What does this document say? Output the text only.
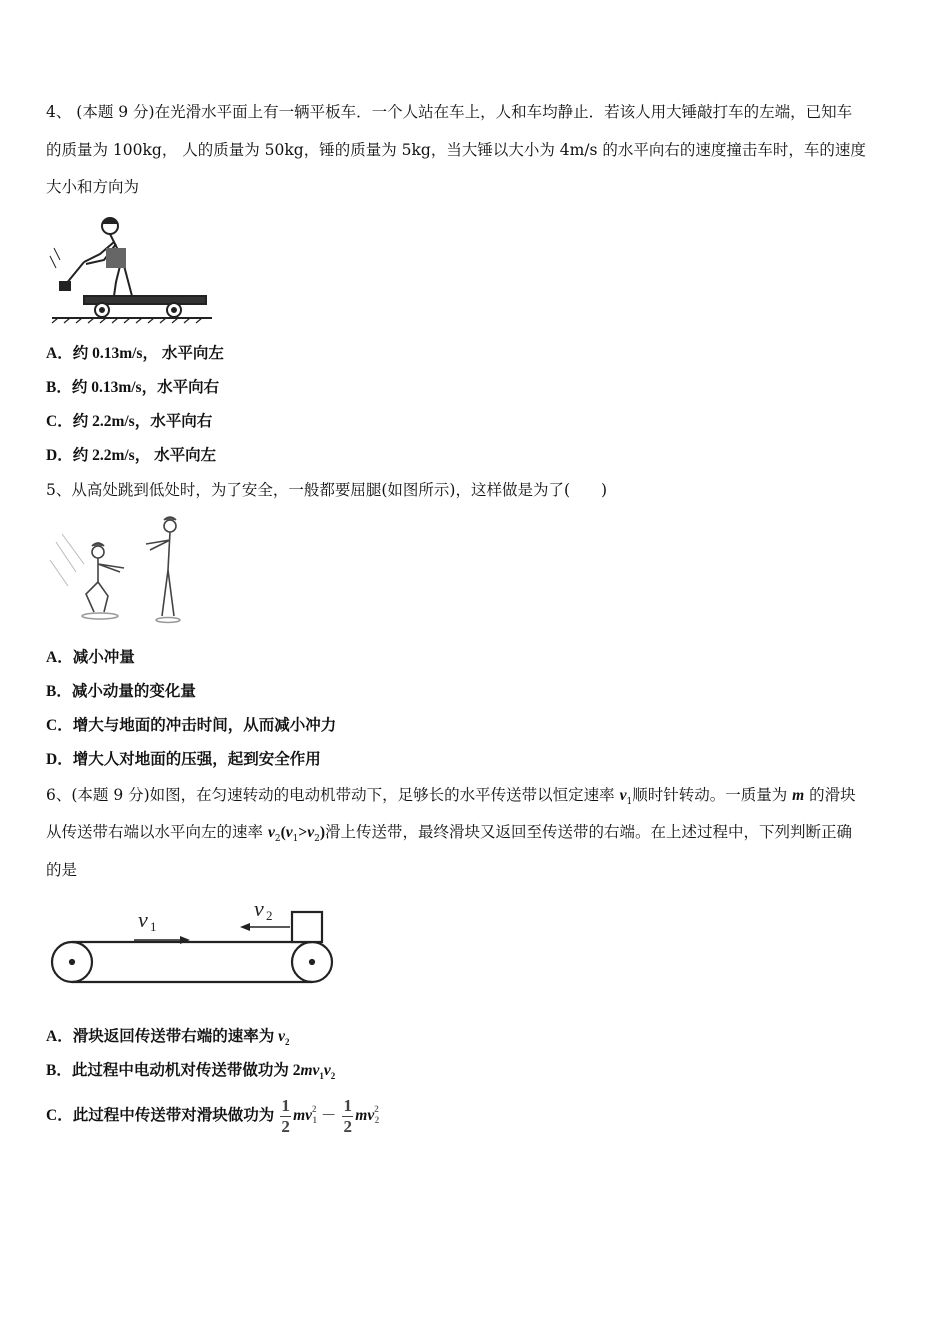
4、 (本题 9 分)在光滑水平面上有一辆平板车．一个人站在车上，人和车均静止．若该人用大锤敲打车的左端，已知车
的质量为 100kg， 人的质量为 50kg，锤的质量为 5kg，当大锤以大小为 4m/s 的水平向右的速度撞击车时，车的速度
大小和方向为
A．约 0.13m/s， 水平向左
B．约 0.13m/s，水平向右
C．约 2.2m/s，水平向右
D．约 2.2m/s， 水平向左
5、从高处跳到低处时，为了安全，一般都要屈腿(如图所示)，这样做是为了(　　)
A．减小冲量
B．减小动量的变化量
C．增大与地面的冲击时间，从而减小冲力
D．增大人对地面的压强，起到安全作用
6、(本题 9 分)如图，在匀速转动的电动机带动下，足够长的水平传送带以恒定速率 $v_1$顺时针转动。一质量为 m 的滑块
从传送带右端以水平向左的速率 $v_2(v_1>v_2)$滑上传送带，最终滑块又返回至传送带的右端。在上述过程中，下列判断正确
的是
v 1
v 2
A．滑块返回传送带右端的速率为 $v_2$
B．此过程中电动机对传送带做功为 $2mv_1v_2$
C．此过程中传送带对滑块做功为 $\frac{1}{2} mv^21 - \frac{1}{2} mv^22$
